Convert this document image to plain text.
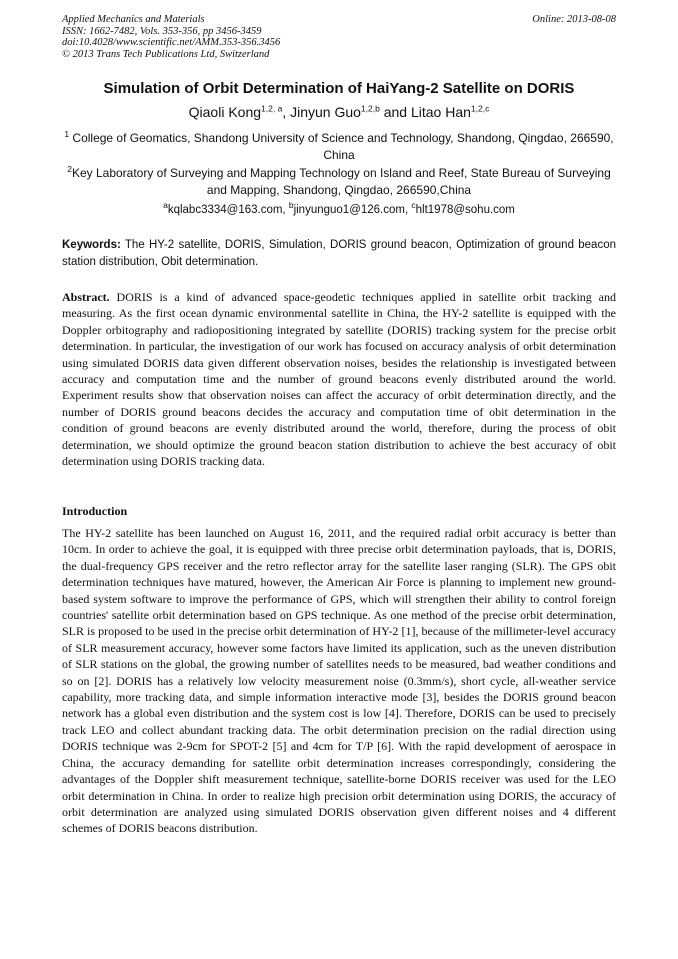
Applied Mechanics and Materials
ISSN: 1662-7482, Vols. 353-356, pp 3456-3459
doi:10.4028/www.scientific.net/AMM.353-356.3456
© 2013 Trans Tech Publications Ltd, Switzerland
Online: 2013-08-08
Simulation of Orbit Determination of HaiYang-2 Satellite on DORIS
Qiaoli Kong$^{1,2, a}$, Jinyun Guo$^{1,2,b}$ and Litao Han$^{1,2,c}$
$^1$ College of Geomatics, Shandong University of Science and Technology, Shandong, Qingdao, 266590, China
$^2$Key Laboratory of Surveying and Mapping Technology on Island and Reef, State Bureau of Surveying and Mapping, Shandong, Qingdao, 266590,China
$^a$kqlabc3334@163.com, $^b$jinyunguo1@126.com, $^c$hlt1978@sohu.com
Keywords: The HY-2 satellite, DORIS, Simulation, DORIS ground beacon, Optimization of ground beacon station distribution, Obit determination.
Abstract. DORIS is a kind of advanced space-geodetic techniques applied in satellite orbit tracking and measuring. As the first ocean dynamic environmental satellite in China, the HY-2 satellite is equipped with the Doppler orbitography and radiopositioning integrated by satellite (DORIS) tracking system for the precise orbit determination. In particular, the investigation of our work has focused on accuracy analysis of orbit determination using simulated DORIS data given different observation noises, besides the relationship is investigated between accuracy and computation time and the number of ground beacons evenly distributed around the world. Experiment results show that observation noises can affect the accuracy of orbit determination directly, and the number of DORIS ground beacons decides the accuracy and computation time of obit determination in the condition of ground beacons are evenly distributed around the world, therefore, during the process of obit determination, we should optimize the ground beacon station distribution to achieve the best accuracy of obit determination using DORIS tracking data.
Introduction
The HY-2 satellite has been launched on August 16, 2011, and the required radial orbit accuracy is better than 10cm. In order to achieve the goal, it is equipped with three precise orbit determination payloads, that is, DORIS, the dual-frequency GPS receiver and the retro reflector array for the satellite laser ranging (SLR). The GPS obit determination techniques have matured, however, the American Air Force is planning to implement new ground-based system software to improve the performance of GPS, which will strengthen their ability to control foreign countries' satellite orbit determination based on GPS technique. As one method of the precise orbit determination, SLR is proposed to be used in the precise orbit determination of HY-2 [1], because of the millimeter-level accuracy of SLR measurement accuracy, however some factors have limited its application, such as the uneven distribution of SLR stations on the global, the growing number of satellites needs to be measured, bad weather conditions and so on [2]. DORIS has a relatively low velocity measurement noise (0.3mm/s), short cycle, all-weather service capability, more tracking data, and simple information interactive mode [3], besides the DORIS ground beacon network has a global even distribution and the system cost is low [4]. Therefore, DORIS can be used to precisely track LEO and collect abundant tracking data. The orbit determination precision on the radial direction using DORIS technique was 2-9cm for SPOT-2 [5] and 4cm for T/P [6]. With the rapid development of aerospace in China, the accuracy demanding for satellite orbit determination increases correspondingly, considering the advantages of the Doppler shift measurement technique, satellite-borne DORIS receiver was used for the LEO orbit determination in China. In order to realize high precision orbit determination using DORIS, the accuracy of orbit determination are analyzed using simulated DORIS observation given different noises and 4 different schemes of DORIS beacons distribution.
